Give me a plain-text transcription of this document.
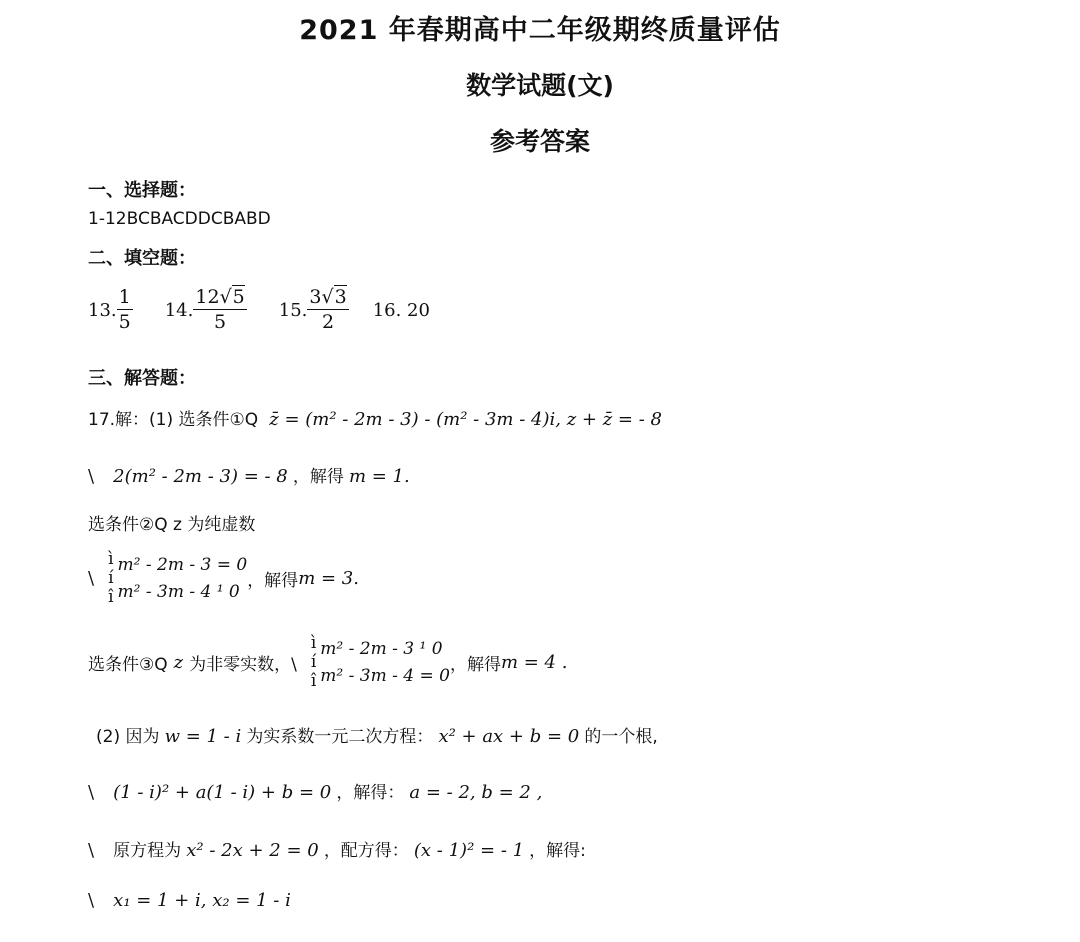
2021 年春期高中二年级期终质量评估
数学试题(文)
参考答案
一、选择题：
1-12BCBACDDCBABD
二、填空题：
13. $\frac{1}{5} 14$. $\frac{12√5}{5} 15$. $\frac{3√3}{2} 16$. 20
三、解答题：
17.解：(1) 选条件①Q z̄ = (m² - 2m - 3) - (m² - 3m - 4)i, z + z̄ = - 8
\ 2(m² - 2m - 3) = - 8 ，解得 m = 1.
选条件②Q z 为纯虚数
\
ì
í
î
m² - 2m - 3 = 0
m² - 3m - 4 ¹ 0
，解得 m = 3.
选条件③Q z 为非零实数，\
ì
í
î
m² - 2m - 3 ¹ 0
m² - 3m - 4 = 0
，解得 m = 4 .
(2) 因为 w = 1 - i 为实系数一元二次方程： x² + ax + b = 0 的一个根,
\ (1 - i)² + a(1 - i) + b = 0 ，解得： a = - 2, b = 2 ,
\ 原方程为 x² - 2x + 2 = 0 ，配方得： (x - 1)² = - 1 ，解得:
\ x₁ = 1 + i, x₂ = 1 - i
